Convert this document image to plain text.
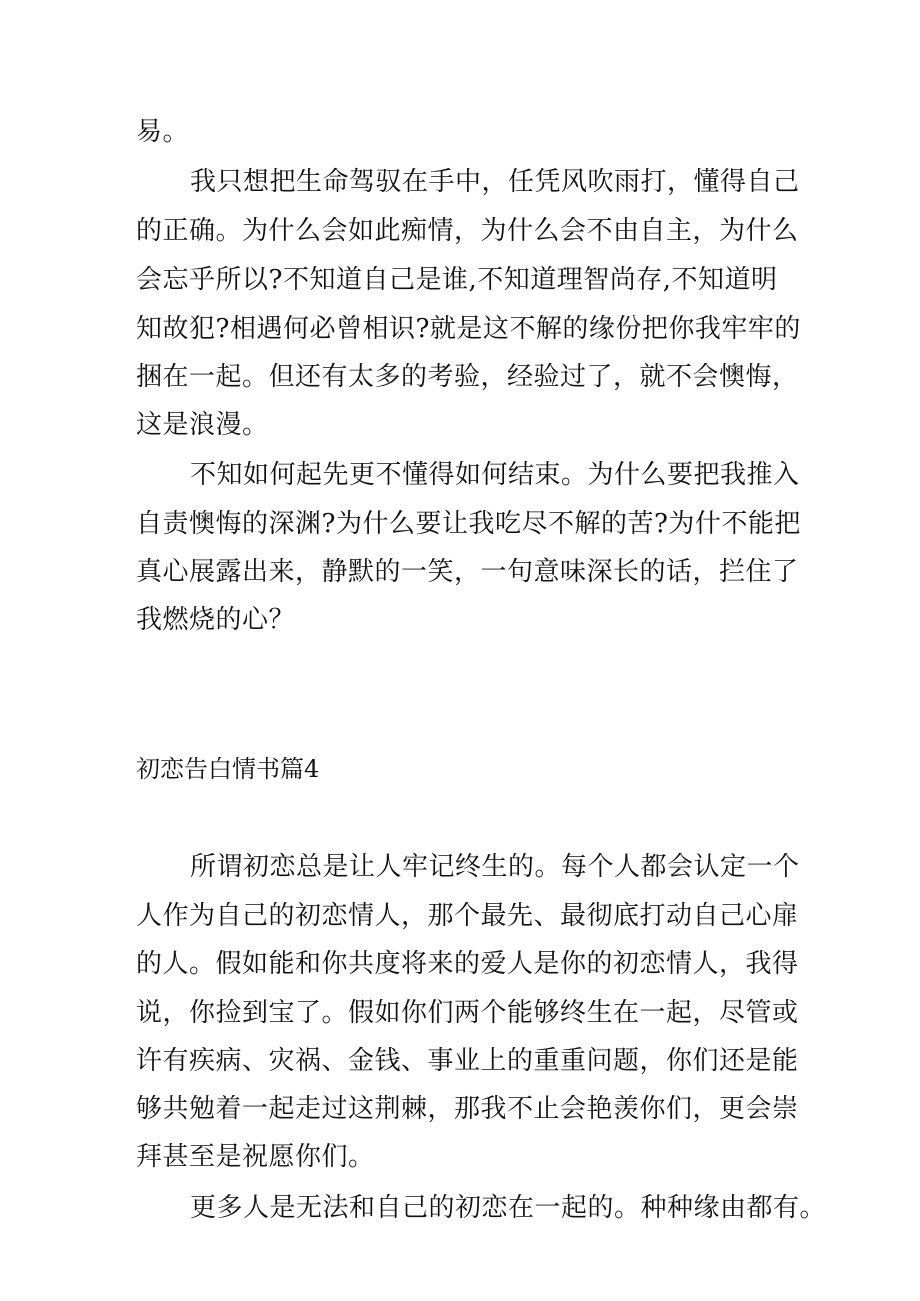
易。
我只想把生命驾驭在手中，任凭风吹雨打，懂得自己
的正确。为什么会如此痴情，为什么会不由自主，为什么
会忘乎所以?不知道自己是谁,不知道理智尚存,不知道明
知故犯?相遇何必曾相识?就是这不解的缘份把你我牢牢的
捆在一起。但还有太多的考验，经验过了，就不会懊悔，
这是浪漫。
不知如何起先更不懂得如何结束。为什么要把我推入
自责懊悔的深渊?为什么要让我吃尽不解的苦?为什不能把
真心展露出来，静默的一笑，一句意味深长的话，拦住了
我燃烧的心？
初恋告白情书篇4
所谓初恋总是让人牢记终生的。每个人都会认定一个
人作为自己的初恋情人，那个最先、最彻底打动自己心扉
的人。假如能和你共度将来的爱人是你的初恋情人，我得
说，你捡到宝了。假如你们两个能够终生在一起，尽管或
许有疾病、灾祸、金钱、事业上的重重问题，你们还是能
够共勉着一起走过这荆棘，那我不止会艳羡你们，更会崇
拜甚至是祝愿你们。
更多人是无法和自己的初恋在一起的。种种缘由都有。
